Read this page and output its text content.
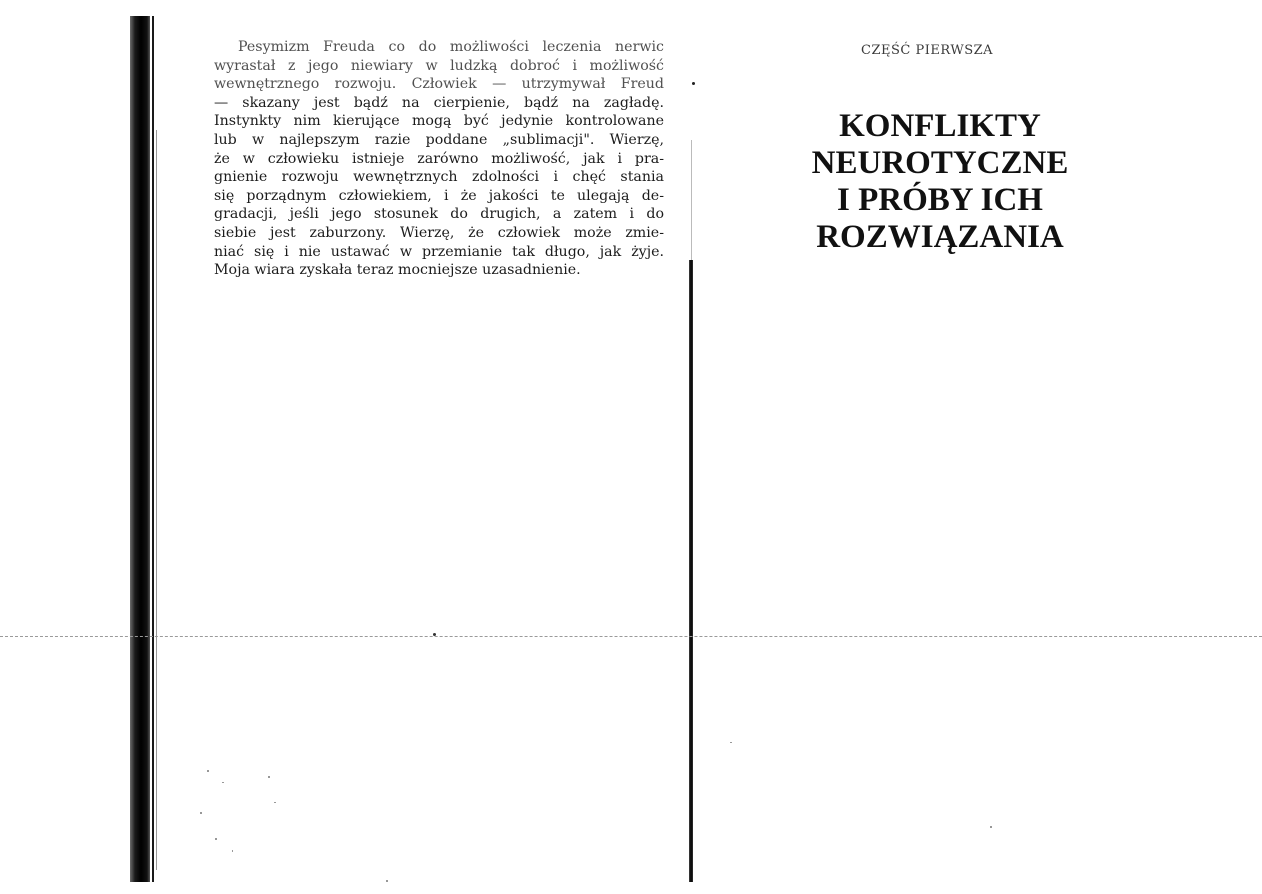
Pesymizm Freuda co do możliwości leczenia nerwic
wyrastał z jego niewiary w ludzką dobroć i możliwość
wewnętrznego rozwoju. Człowiek — utrzymywał Freud
— skazany jest bądź na cierpienie, bądź na zagładę.
Instynkty nim kierujące mogą być jedynie kontrolowane
lub w najlepszym razie poddane „sublimacji". Wierzę,
że w człowieku istnieje zarówno możliwość, jak i pra-
gnienie rozwoju wewnętrznych zdolności i chęć stania
się porządnym człowiekiem, i że jakości te ulegają de-
gradacji, jeśli jego stosunek do drugich, a zatem i do
siebie jest zaburzony. Wierzę, że człowiek może zmie-
niać się i nie ustawać w przemianie tak długo, jak żyje.
Moja wiara zyskała teraz mocniejsze uzasadnienie.

CZĘŚĆ PIERWSZA
KONFLIKTY
NEUROTYCZNE
I PRÓBY ICH
ROZWIĄZANIA
